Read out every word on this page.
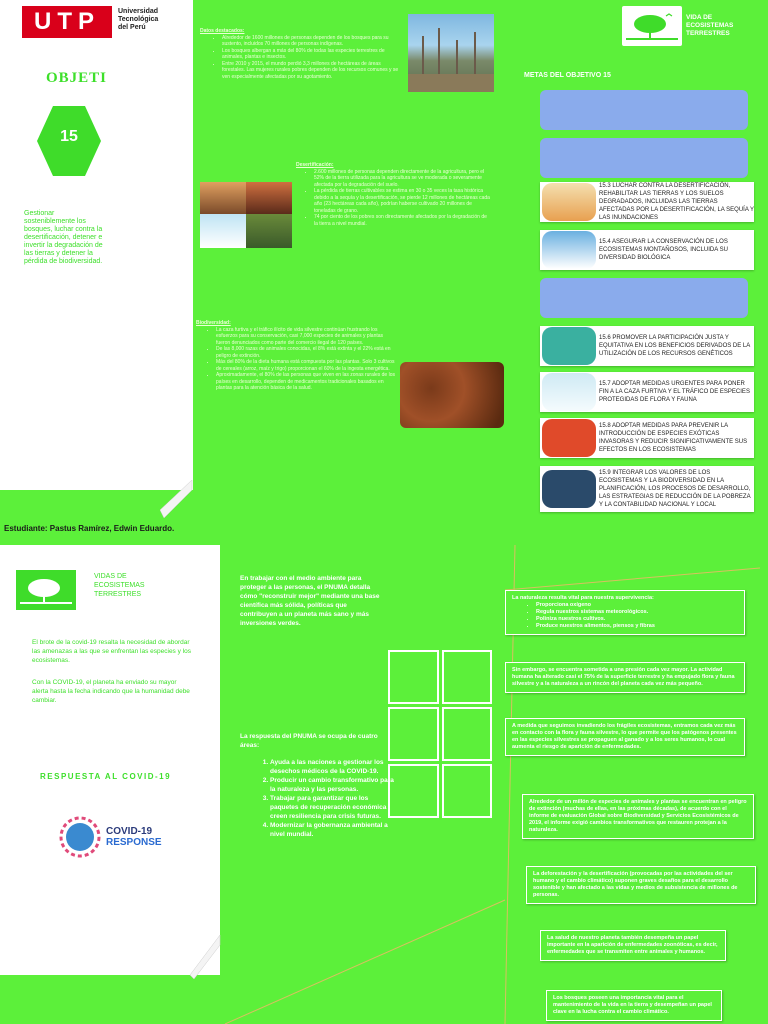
UTP	Universidad
Tecnológica
del Perú
OBJETI
15
Gestionar sosteniblemente los bosques, luchar contra la desertificación, detener e invertir la degradación de las tierras y detener la pérdida de biodiversidad.
Datos destacados:
• Alrededor de 1600 millones de personas dependen de los bosques para su sustento, incluidos 70 millones de personas indígenas.
• Los bosques albergan a más del 80% de todas las especies terrestres de animales, plantas e insectos.
• Entre 2010 y 2015, el mundo perdió 3,3 millones de hectáreas de áreas forestales. Las mujeres rurales pobres dependen de los recursos comunes y se ven especialmente afectadas por su agotamiento.
Desertificación:
• 2.600 millones de personas dependen directamente de la agricultura, pero el 52% de la tierra utilizada para la agricultura se ve moderada o severamente afectada por la degradación del suelo.
• La pérdida de tierras cultivables se estima en 30 o 35 veces la tasa histórica debido a la sequía y la desertificación, se pierde 12 millones de hectáreas cada año (23 hectáreas cada año), podrían haberse cultivado 20 millones de toneladas de grano.
• 74 por ciento de los pobres son directamente afectados por la degradación de la tierra a nivel mundial.
Biodiversidad:
• La caza furtiva y el tráfico ilícito de vida silvestre continúan frustrando los esfuerzos para su conservación, casi 7,000 especies de animales y plantas fueron denunciados como parte del comercio ilegal de 120 países.
• De las 8,000 razas de animales conocidas, el 8% está extinta y el 22% está en peligro de extinción.
• Más del 80% de la dieta humana está compuesta por las plantas. Solo 3 cultivos de cereales (arroz, maíz y trigo) proporcionan el 60% de la ingesta energética.
• Aproximadamente, el 80% de las personas que viven en las zonas rurales de los países en desarrollo, dependen de medicamentos tradicionales basados en plantas para la atención básica de la salud.
VIDA DE ECOSISTEMAS TERRESTRES
METAS DEL OBJETIVO 15
15.3 LUCHAR CONTRA LA DESERTIFICACIÓN, REHABILITAR LAS TIERRAS Y LOS SUELOS DEGRADADOS, INCLUIDAS LAS TIERRAS AFECTADAS POR LA DESERTIFICACIÓN, LA SEQUÍA Y LAS INUNDACIONES
15.4 ASEGURAR LA CONSERVACIÓN DE LOS ECOSISTEMAS MONTAÑOSOS, INCLUIDA SU DIVERSIDAD BIOLÓGICA
15.6 PROMOVER LA PARTICIPACIÓN JUSTA Y EQUITATIVA EN LOS BENEFICIOS DERIVADOS DE LA UTILIZACIÓN DE LOS RECURSOS GENÉTICOS
15.7 ADOPTAR MEDIDAS URGENTES PARA PONER FIN A LA CAZA FURTIVA Y EL TRÁFICO DE ESPECIES PROTEGIDAS DE FLORA Y FAUNA
15.8 ADOPTAR MEDIDAS PARA PREVENIR LA INTRODUCCIÓN DE ESPECIES EXÓTICAS INVASORAS Y REDUCIR SIGNIFICATIVAMENTE SUS EFECTOS EN LOS ECOSISTEMAS
15.9 INTEGRAR LOS VALORES DE LOS ECOSISTEMAS Y LA BIODIVERSIDAD EN LA PLANIFICACIÓN, LOS PROCESOS DE DESARROLLO, LAS ESTRATEGIAS DE REDUCCIÓN DE LA POBREZA Y LA CONTABILIDAD NACIONAL Y LOCAL
Estudiante: Pastus Ramírez, Edwin Eduardo.
VIDAS DE ECOSISTEMAS TERRESTRES
El brote de la covid-19 resalta la necesidad de abordar las amenazas a las que se enfrentan las especies y los ecosistemas.
Con la COVID-19, el planeta ha enviado su mayor alerta hasta la fecha indicando que la humanidad debe cambiar.
RESPUESTA AL COVID-19
COVID-19
RESPONSE
En trabajar con el medio ambiente para proteger a las personas, el PNUMA detalla cómo "reconstruir mejor" mediante una base científica más sólida, políticas que contribuyen a un planeta más sano y más inversiones verdes.
La respuesta del PNUMA se ocupa de cuatro áreas:
1. Ayuda a las naciones a gestionar los desechos médicos de la COVID-19.
2. Producir un cambio transformativo para la naturaleza y las personas.
3. Trabajar para garantizar que los paquetes de recuperación económica creen resiliencia para crisis futuras.
4. Modernizar la gobernanza ambiental a nivel mundial.
La naturaleza resulta vital para nuestra supervivencia:
• Proporciona oxígeno
• Regula nuestros sistemas meteorológicos.
• Poliniza nuestros cultivos.
• Produce nuestros alimentos, piensos y fibras
Sin embargo, se encuentra sometida a una presión cada vez mayor. La actividad humana ha alterado casi el 75% de la superficie terrestre y ha empujado flora y fauna silvestre y a la naturaleza a un rincón del planeta cada vez más pequeño.
A medida que seguimos invadiendo los frágiles ecosistemas, entramos cada vez más en contacto con la flora y fauna silvestre, lo que permite que los patógenos presentes en las especies silvestres se propaguen al ganado y a los seres humanos, lo cual aumenta el riesgo de aparición de enfermedades.
Alrededor de un millón de especies de animales y plantas se encuentran en peligro de extinción (muchas de ellas, en las próximas décadas), de acuerdo con el informe de evaluación Global sobre Biodiversidad y Servicios Ecosistémicos de 2019, el informe exigió cambios transformativos que restauren protejan a la naturaleza.
La deforestación y la desertificación (provocadas por las actividades del ser humano y el cambio climático) suponen graves desafíos para el desarrollo sostenible y han afectado a las vidas y medios de subsistencia de millones de personas.
La salud de nuestro planeta también desempeña un papel importante en la aparición de enfermedades zoonóticas, es decir, enfermedades que se transmiten entre animales y humanos.
Los bosques poseen una importancia vital para el mantenimiento de la vida en la tierra y desempeñan un papel clave en la lucha contra el cambio climático.
